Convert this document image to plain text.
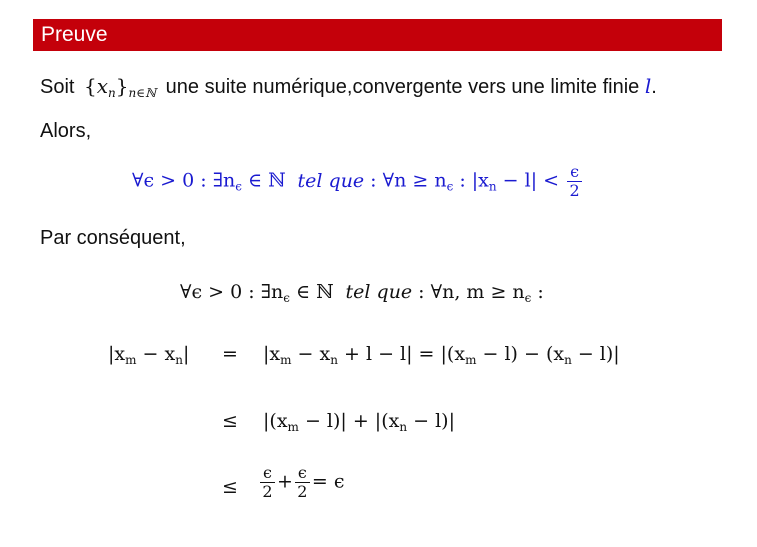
Preuve
Soit $\{x_n\}_{n\in ℕ}$ une suite numérique,convergente vers une limite finie l.
Alors,
∀ϵ > 0 : $\exists n_\epsilon$ ∈ ℕ tel que : ∀n ≥ $n_\epsilon$ : $|x_n - l| < \frac{\epsilon}{2}$
Par conséquent,
∀ϵ > 0 : $\exists n_\epsilon$ ∈ ℕ tel que : ∀n, $m \ge n_\epsilon$ :
$|x_m - x_n| = |x_m - x_n + l - l| = |(x_m - l) - (x_n - l)|$
≤ $|(x_m - l)| + |(x_n - l)|$
≤ $\frac{\epsilon}{2} + \frac{\epsilon}{2} = \epsilon$
